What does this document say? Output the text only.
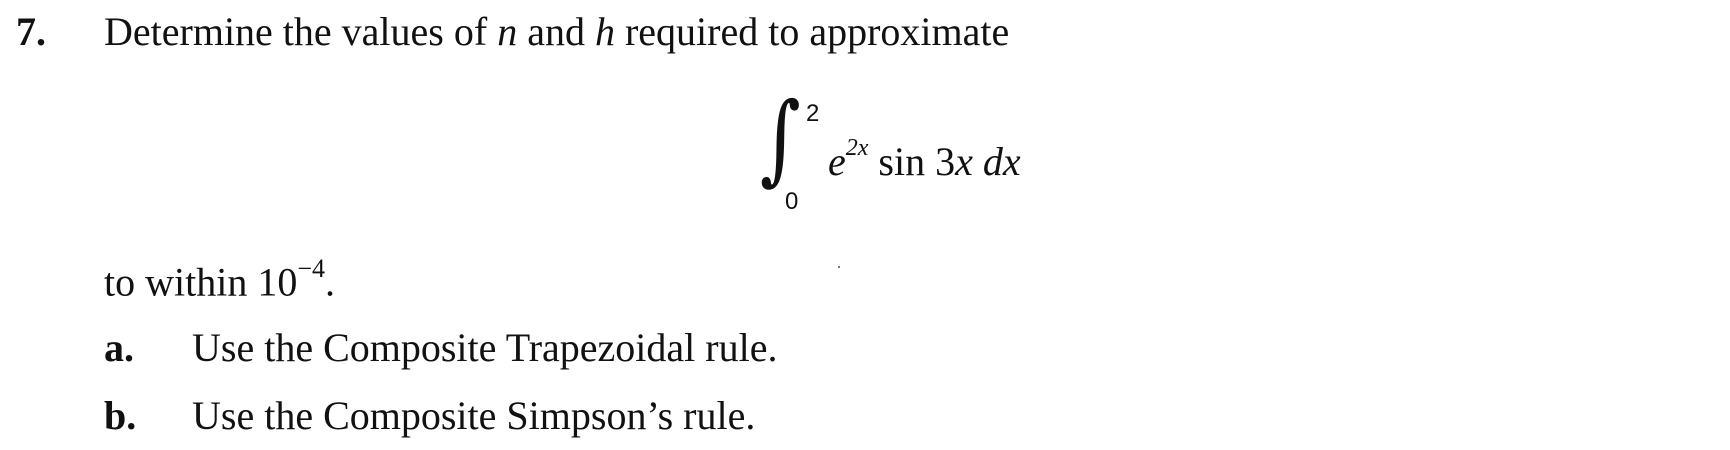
7. Determine the values of n and h required to approximate
∫ 2
0
$e^{2x}$ sin 3x dx
to within $10^{-4}$.
a. Use the Composite Trapezoidal rule.
b. Use the Composite Simpson’s rule.
